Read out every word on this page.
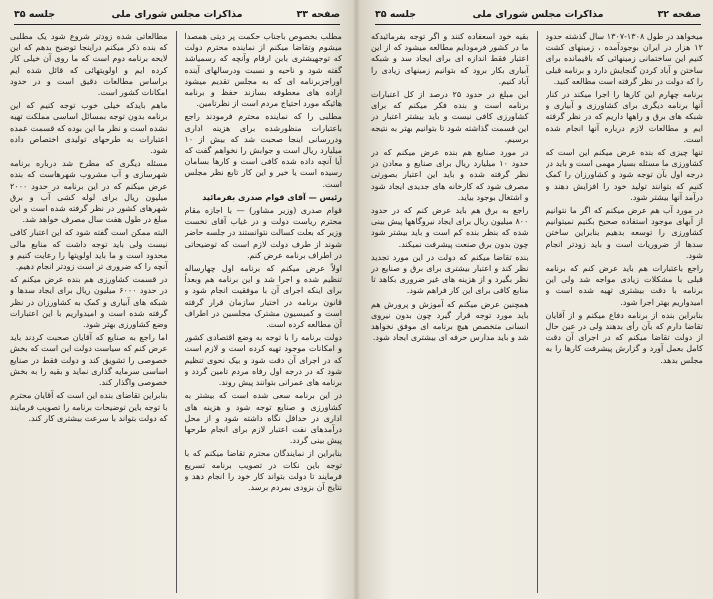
صفحه ۳۳
مذاکرات مجلس شورای ملی
جلسه ۳۵

مطلب بخصوص باجناب حکمت پر دیتی همصدا میشوم وتقاضا میکنم از نماینده محترم دولت که توجهیشتری بابن ارقام وآنچه که رسمیاشد گفته شود و ناحیه و نسبت ودرسالهای آینده اوراجزبرنامه ای که به مجلس تقدیم میشود اراده های معطوفه بسازند حفظ و برنامه هائیکه مورد احتیاج مردم است از نظرتامین.

مطلبی را که نماینده محترم فرمودند راجع باعتبارات منظورشده برای هزینه اداری ودررسانی اینجا صحبت شد که بیش از ۱۰ میلیارد ریال است و جوابش را نخواهم گفت که آیا آنچه داده شده کافی است و کارها بسامان رسیده است یا خیر و این کار تابع نظر مجلس است.

رئیس — آقای قوام صدری بفرمائید

قوام صدری (وزیر مشاور) — با اجازه مقام محترم ریاست دولت و در غیاب آقای نخست وزیر که بعلت کسالت نتوانستند در جلسه حاضر شوند از طرف دولت لازم است که توضیحاتی در اطراف برنامه عرض کنم.

اولاً عرض میکنم که برنامه اول چهارساله تنظیم شده و اجرا شد و این برنامه هم وبعداً برای اینکه اجرای آن با موفقیت انجام شود و قانون برنامه در اختیار سازمان قرار گرفته است و کمیسیون مشترک مجلسین در اطراف آن مطالعه کرده است.

دولت برنامه را با توجه به وضع اقتصادی کشور و امکانات موجود تهیه کرده است و لازم است که در اجرای آن دقت شود و بیک نحوی تنظیم شود که در درجه اول رفاه مردم تامین گردد و برنامه های عمرانی بتوانند پیش روند.

در این برنامه سعی شده است که بیشتر به کشاورزی و صنایع توجه شود و هزینه های اداری در حداقل نگاه داشته شود و از محل درآمدهای نفت اعتبار لازم برای انجام طرحها پیش بینی گردد.

بنابراین از نمایندگان محترم تقاضا میکنم که با توجه باین نکات در تصویب برنامه تسریع فرمایند تا دولت بتواند کار خود را انجام دهد و نتایج آن بزودی بمردم برسد.

مطالعاتی شده زودتر شروع شود یک مطلبی که بنده ذکر میکنم دراینجا توضیح بدهم که این لایحه برنامه دوم است که ما روی آن خیلی کار کرده ایم و اولویتهائی که قائل شده ایم براساس مطالعات دقیق است و در حدود امکانات کشور است.

ماهم بایدکه خیلی خوب توجه کنیم که این برنامه بدون توجه بمسائل اساسی مملکت تهیه نشده است و نظر ما این بوده که قسمت عمده اعتبارات به طرحهای تولیدی اختصاص داده شود.

مسئله دیگری که مطرح شد درباره برنامه شهرسازی و آب مشروب شهرهاست که بنده عرض میکنم که در این برنامه در حدود ۲۰۰۰ میلیون ریال برای لوله کشی آب و برق شهرهای کشور در نظر گرفته شده است و این مبلغ در طول هفت سال مصرف خواهد شد.

البته ممکن است گفته شود که این اعتبار کافی نیست ولی باید توجه داشت که منابع مالی محدود است و ما باید اولویتها را رعایت کنیم و آنچه را که ضروری تر است زودتر انجام دهیم.

در قسمت کشاورزی هم بنده عرض میکنم که در حدود ۶۰۰۰ میلیون ریال برای ایجاد سدها و شبکه های آبیاری و کمک به کشاورزان در نظر گرفته شده است و امیدواریم با این اعتبارات وضع کشاورزی بهتر شود.

اما راجع به صنایع که آقایان صحبت کردند باید عرض کنم که سیاست دولت این است که بخش خصوصی را تشویق کند و دولت فقط در صنایع اساسی سرمایه گذاری نماید و بقیه را به بخش خصوصی واگذار کند.

بنابراین تقاضای بنده این است که آقایان محترم با توجه باین توضیحات برنامه را تصویب فرمایند که دولت بتواند با سرعت بیشتری کار کند.

صفحه ۳۲
مذاکرات مجلس شورای ملی
جلسه ۳۵

میخواهد در طول ۱۳۰۸-۱۳۰۷ سال گذشته حدود ۱۲ هزار در ایران بوجودآمده ، زمینهای کشت کنیم این ساختمانی زمینهائی که باقیمانده برای ساختن و آباد کردن گنجایش دارد و برنامه قبلی را که دولت در نظر گرفته است مطالعه کنید.

برنامه چهارم این کارها را اجرا میکند در کنار آنها برنامه دیگری برای کشاورزی و آبیاری و شبکه های برق و راهها داریم که در نظر گرفته ایم و مطالعات لازم درباره آنها انجام شده است.

تنها چیزی که بنده عرض میکنم این است که کشاورزی ما مسئله بسیار مهمی است و باید در درجه اول بآن توجه شود و کشاورزان را کمک کنیم که بتوانند تولید خود را افزایش دهند و درآمد آنها بیشتر شود.

در مورد آب هم عرض میکنم که اگر ما نتوانیم از آبهای موجود استفاده صحیح بکنیم نمیتوانیم کشاورزی را توسعه بدهیم بنابراین ساختن سدها از ضروریات است و باید زودتر انجام شود.

راجع باعتبارات هم باید عرض کنم که برنامه قبلی با مشکلات زیادی مواجه شد ولی این برنامه با دقت بیشتری تهیه شده است و امیدواریم بهتر اجرا شود.

بنابراین بنده از برنامه دفاع میکنم و از آقایان تقاضا دارم که بآن رأی بدهند ولی در عین حال از دولت تقاضا میکنم که در اجرای آن دقت کامل بعمل آورد و گزارش پیشرفت کارها را به مجلس بدهد.

بقیه خود اسعفاده کنند و اگر توجه بفرمائیدکه ما در کشور فرمودایم مطالعه میشود که از این اعتبار فقط اندازه ای برای ایجاد سد و شبکه آبیاری بکار برود که بتوانیم زمینهای زیادی را آباد کنیم.

این مبلغ در حدود ۲۵ درصد از کل اعتبارات برنامه است و بنده فکر میکنم که برای کشاورزی کافی نیست و باید بیشتر اعتبار در این قسمت گذاشته شود تا بتوانیم بهتر به نتیجه برسیم.

در مورد صنایع هم بنده عرض میکنم که در حدود ۱۰ میلیارد ریال برای صنایع و معادن در نظر گرفته شده و باید این اعتبار بصورتی مصرف شود که کارخانه های جدیدی ایجاد شود و اشتغال بوجود بیاید.

راجع به برق هم باید عرض کنم که در حدود ۸۰۰ میلیون ریال برای ایجاد نیروگاهها پیش بینی شده که بنظر بنده کم است و باید بیشتر شود چون بدون برق صنعت پیشرفت نمیکند.

بنده تقاضا میکنم که دولت در این مورد تجدید نظر کند و اعتبار بیشتری برای برق و صنایع در نظر بگیرد و از هزینه های غیر ضروری بکاهد تا منابع کافی برای این کار فراهم شود.

همچنین عرض میکنم که آموزش و پرورش هم باید مورد توجه قرار گیرد چون بدون نیروی انسانی متخصص هیچ برنامه ای موفق نخواهد شد و باید مدارس حرفه ای بیشتری ایجاد شود.
